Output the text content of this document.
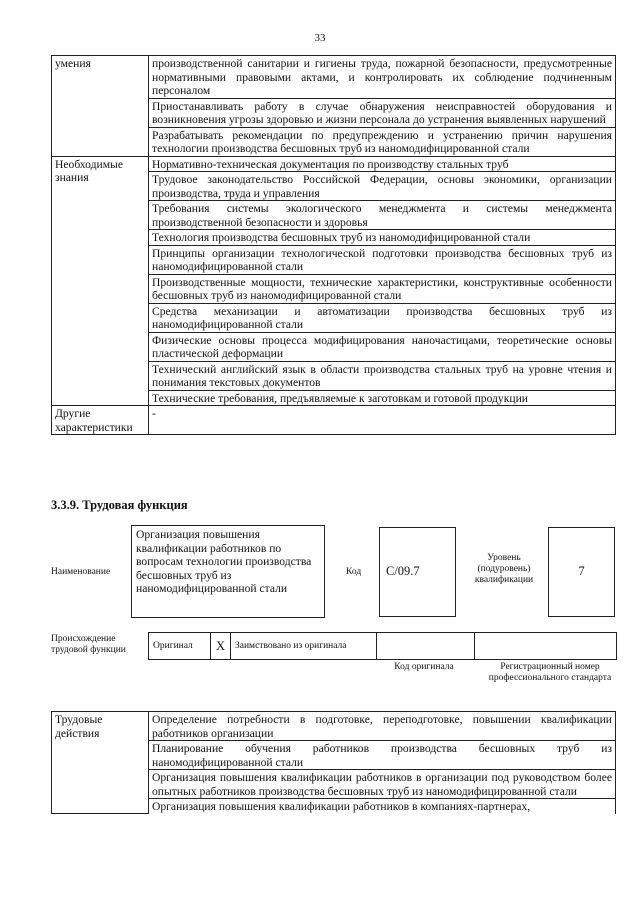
33
умения	производственной санитарии и гигиены труда, пожарной безопасности, предусмотренные нормативными правовыми актами, и контролировать их соблюдение подчиненным персоналом
	Приостанавливать работу в случае обнаружения неисправностей оборудования и возникновения угрозы здоровью и жизни персонала до устранения выявленных нарушений
	Разрабатывать рекомендации по предупреждению и устранению причин нарушения технологии производства бесшовных труб из наномодифицированной стали
Необходимые знания	Нормативно-техническая документация по производству стальных труб
	Трудовое законодательство Российской Федерации, основы экономики, организации производства, труда и управления
	Требования системы экологического менеджмента и системы менеджмента производственной безопасности и здоровья
	Технология производства бесшовных труб из наномодифицированной стали
	Принципы организации технологической подготовки производства бесшовных труб из наномодифицированной стали
	Производственные мощности, технические характеристики, конструктивные особенности бесшовных труб из наномодифицированной стали
	Средства механизации и автоматизации производства бесшовных труб из наномодифицированной стали
	Физические основы процесса модифицирования наночастицами, теоретические основы пластической деформации
	Технический английский язык в области производства стальных труб на уровне чтения и понимания текстовых документов
	Технические требования, предъявляемые к заготовкам и готовой продукции
Другие характеристики	-
3.3.9. Трудовая функция
Наименование
Организация повышения квалификации работников по вопросам технологии производства бесшовных труб из наномодифицированной стали
Код	C/09.7
Уровень (подуровень) квалификации
7
Происхождение трудовой функции	Оригинал	X	Заимствовано из оригинала
Код оригинала	Регистрационный номер профессионального стандарта
Трудовые действия	Определение потребности в подготовке, переподготовке, повышении квалификации работников организации
Планирование обучения работников производства бесшовных труб из наномодифицированной стали
Организация повышения квалификации работников в организации под руководством более опытных работников производства бесшовных труб из наномодифицированной стали
Организация повышения квалификации работников в компаниях-партнерах,
